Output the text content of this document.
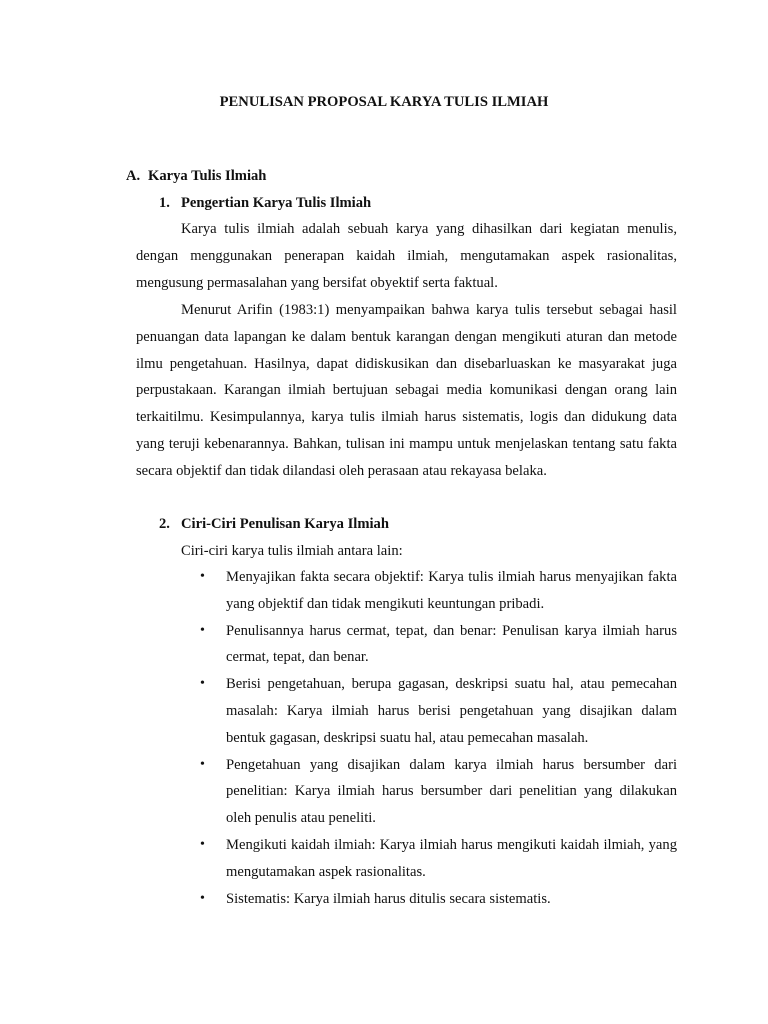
PENULISAN PROPOSAL KARYA TULIS ILMIAH
A. Karya Tulis Ilmiah
1. Pengertian Karya Tulis Ilmiah

Karya tulis ilmiah adalah sebuah karya yang dihasilkan dari kegiatan menulis, dengan menggunakan penerapan kaidah ilmiah, mengutamakan aspek rasionalitas, mengusung permasalahan yang bersifat obyektif serta faktual.

Menurut Arifin (1983:1) menyampaikan bahwa karya tulis tersebut sebagai hasil penuangan data lapangan ke dalam bentuk karangan dengan mengikuti aturan dan metode ilmu pengetahuan. Hasilnya, dapat didiskusikan dan disebarluaskan ke masyarakat juga perpustakaan. Karangan ilmiah bertujuan sebagai media komunikasi dengan orang lain terkaitilmu. Kesimpulannya, karya tulis ilmiah harus sistematis, logis dan didukung data yang teruji kebenarannya. Bahkan, tulisan ini mampu untuk menjelaskan tentang satu fakta secara objektif dan tidak dilandasi oleh perasaan atau rekayasa belaka.

2. Ciri-Ciri Penulisan Karya Ilmiah
Ciri-ciri karya tulis ilmiah antara lain:
•	Menyajikan fakta secara objektif: Karya tulis ilmiah harus menyajikan fakta yang objektif dan tidak mengikuti keuntungan pribadi.
•	Penulisannya harus cermat, tepat, dan benar: Penulisan karya ilmiah harus cermat, tepat, dan benar.
•	Berisi pengetahuan, berupa gagasan, deskripsi suatu hal, atau pemecahan masalah: Karya ilmiah harus berisi pengetahuan yang disajikan dalam bentuk gagasan, deskripsi suatu hal, atau pemecahan masalah.
•	Pengetahuan yang disajikan dalam karya ilmiah harus bersumber dari penelitian: Karya ilmiah harus bersumber dari penelitian yang dilakukan oleh penulis atau peneliti.
•	Mengikuti kaidah ilmiah: Karya ilmiah harus mengikuti kaidah ilmiah, yang mengutamakan aspek rasionalitas.
•	Sistematis: Karya ilmiah harus ditulis secara sistematis.
